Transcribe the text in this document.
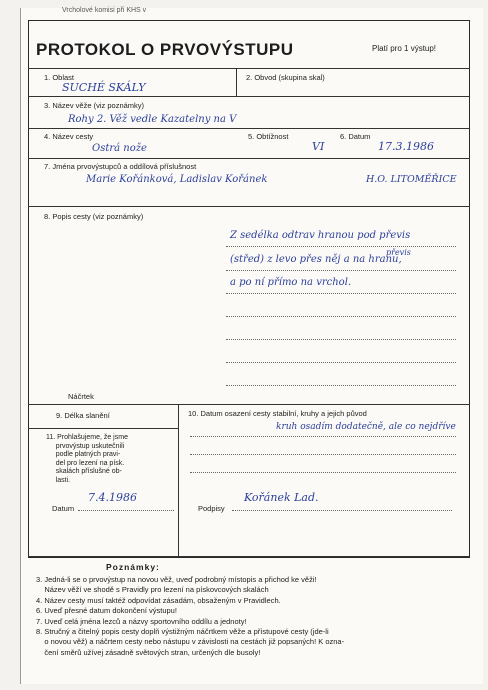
Vrcholové komisi při KHS v
PROTOKOL O PRVOVÝSTUPU	Platí pro 1 výstup!
1. Oblast
SUCHÉ SKÁLY
2. Obvod (skupina skal)
3. Název věže (viz poznámky)
Rohy 2. Věž vedle Kazatelny na V
4. Název cesty
Ostrá nože
5. Obtížnost
VI
6. Datum
17.3.1986
7. Jména prvovýstupců a oddílová příslušnost
Marie Kořánková, Ladislav Kořánek	H.O. LITOMĚŘICE
8. Popis cesty (viz poznámky)
převis
Z sedélka odtrav hranou pod převis
(střed) z levo přes něj a na hranu,
a po ní přímo na vrchol.
Náčrtek
9. Délka slanění	10. Datum osazení cesty stabilní, kruhy a jejich původ
kruh osadím dodatečně, ale co nejdříve
11. Prohlašujeme, že jsme
prvovýstup uskutečnili
podle platných pravi-
del pro lezení na písk.
skalách příslušné ob-
lasti.
Datum
7.4.1986
Podpisy
Kořánek Lad.
Poznámky:
3. Jedná-li se o prvovýstup na novou věž, uveď podrobný místopis a přichod ke věži!
Název věží ve shodě s Pravidly pro lezení na pískovcových skalách
4. Název cesty musí taktéž odpovídat zásadám, obsaženým v Pravidlech.
6. Uveď přesné datum dokončení výstupu!
7. Uveď celá jména lezců a názvy sportovního oddílu a jednoty!
8. Stručný a čitelný popis cesty doplň výstižným náčrtkem věže a přístupové cesty (jde-li
o novou věž) a náčrtem cesty nebo nástupu v závislosti na cestách již popsaných! K ozna-
čení směrů užívej zásadně světových stran, určených dle busoly!
